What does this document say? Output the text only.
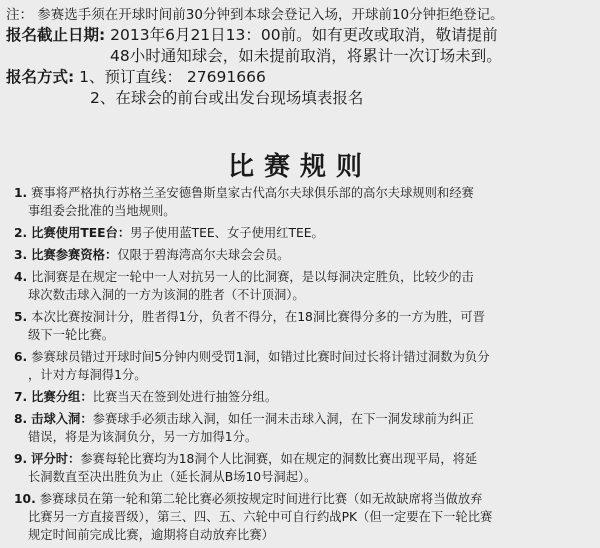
注： 参赛选手须在开球时间前30分钟到本球会登记入场，开球前10分钟拒绝登记。
报名截止日期: 2013年6月21日13：00前。如有更改或取消，敬请提前
48小时通知球会，如未提前取消，将累计一次订场未到。
报名方式: 1、预订直线： 27691666
2、在球会的前台或出发台现场填表报名
比赛规则
1. 赛事将严格执行苏格兰圣安德鲁斯皇家古代高尔夫球俱乐部的高尔夫球规则和经赛
事组委会批准的当地规则。
2. 比赛使用TEE台：男子使用蓝TEE、女子使用红TEE。
3. 比赛参赛资格：仅限于碧海湾高尔夫球会会员。
4. 比洞赛是在规定一轮中一人对抗另一人的比洞赛，是以每洞决定胜负，比较少的击
球次数击球入洞的一方为该洞的胜者（不计顶洞）。
5. 本次比赛按洞计分，胜者得1分，负者不得分，在18洞比赛得分多的一方为胜，可晋
级下一轮比赛。
6. 参赛球员错过开球时间5分钟内则受罚1洞，如错过比赛时间过长将计错过洞数为负分
，计对方每洞得1分。
7. 比赛分组：比赛当天在签到处进行抽签分组。
8. 击球入洞：参赛球手必须击球入洞，如任一洞未击球入洞，在下一洞发球前为纠正
错误，将是为该洞负分，另一方加得1分。
9. 评分时：参赛每轮比赛均为18洞个人比洞赛，如在规定的洞数比赛出现平局，将延
长洞数直至决出胜负为止（延长洞从B场10号洞起）。
10. 参赛球员在第一轮和第二轮比赛必须按规定时间进行比赛（如无故缺席将当做放弃
比赛另一方直接晋级），第三、四、五、六轮中可自行约战PK（但一定要在下一轮比赛
规定时间前完成比赛，逾期将自动放弃比赛）
